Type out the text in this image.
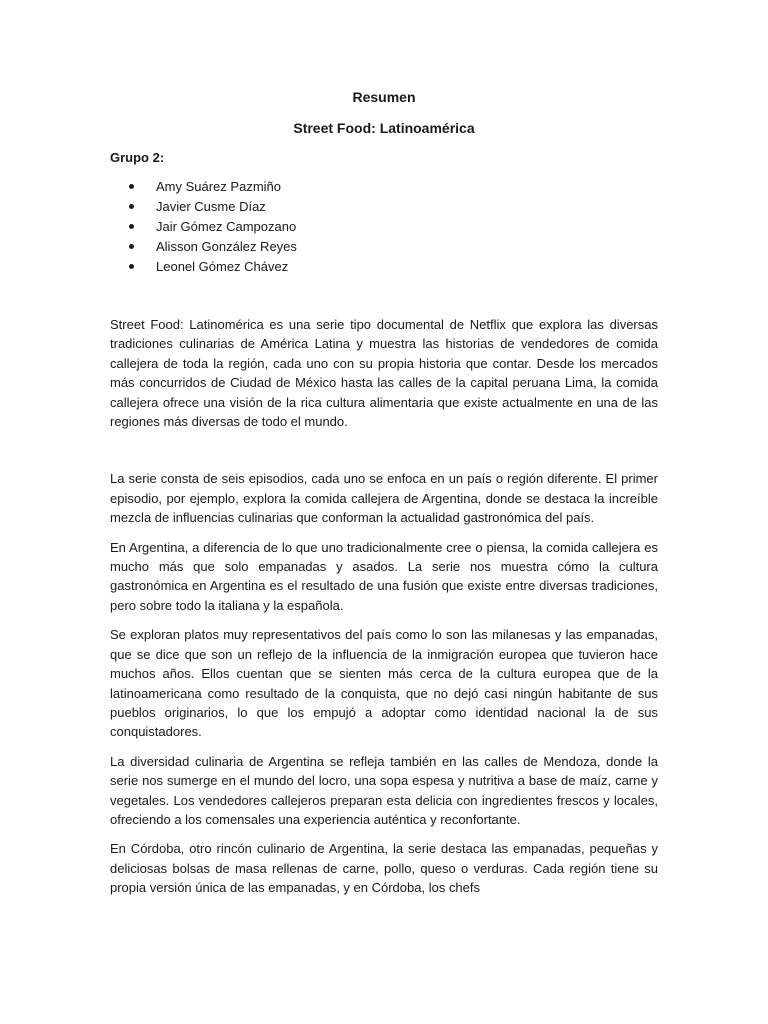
Resumen

Street Food: Latinoamérica

Grupo 2:
Amy Suárez Pazmiño
Javier Cusme Díaz
Jair Gómez Campozano
Alisson González Reyes
Leonel Gómez Chávez

Street Food: Latinomérica es una serie tipo documental de Netflix que explora las diversas tradiciones culinarias de América Latina y muestra las historias de vendedores de comida callejera de toda la región, cada uno con su propia historia que contar. Desde los mercados más concurridos de Ciudad de México hasta las calles de la capital peruana Lima, la comida callejera ofrece una visión de la rica cultura alimentaria que existe actualmente en una de las regiones más diversas de todo el mundo.

La serie consta de seis episodios, cada uno se enfoca en un país o región diferente. El primer episodio, por ejemplo, explora la comida callejera de Argentina, donde se destaca la increíble mezcla de influencias culinarias que conforman la actualidad gastronómica del país.

En Argentina, a diferencia de lo que uno tradicionalmente cree o piensa, la comida callejera es mucho más que solo empanadas y asados. La serie nos muestra cómo la cultura gastronómica en Argentina es el resultado de una fusión que existe entre diversas tradiciones, pero sobre todo la italiana y la española.

Se exploran platos muy representativos del país como lo son las milanesas y las empanadas, que se dice que son un reflejo de la influencia de la inmigración europea que tuvieron hace muchos años. Ellos cuentan que se sienten más cerca de la cultura europea que de la latinoamericana como resultado de la conquista, que no dejó casi ningún habitante de sus pueblos originarios, lo que los empujó a adoptar como identidad nacional la de sus conquistadores.

La diversidad culinaria de Argentina se refleja también en las calles de Mendoza, donde la serie nos sumerge en el mundo del locro, una sopa espesa y nutritiva a base de maíz, carne y vegetales. Los vendedores callejeros preparan esta delicia con ingredientes frescos y locales, ofreciendo a los comensales una experiencia auténtica y reconfortante.

En Córdoba, otro rincón culinario de Argentina, la serie destaca las empanadas, pequeñas y deliciosas bolsas de masa rellenas de carne, pollo, queso o verduras. Cada región tiene su propia versión única de las empanadas, y en Córdoba, los chefs
